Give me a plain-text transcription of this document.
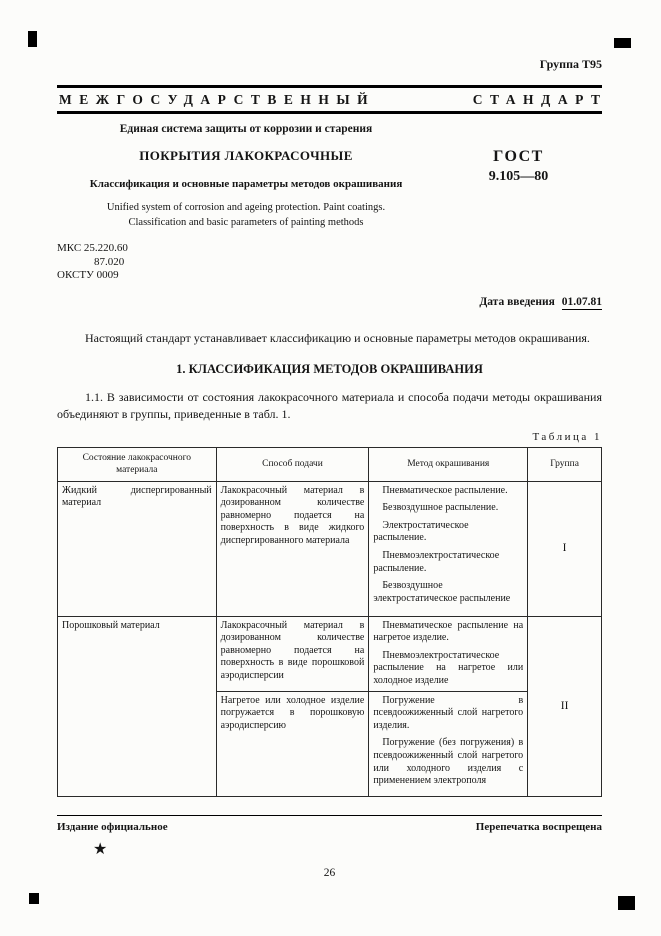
Группа Т95
МЕЖГОСУДАРСТВЕННЫЙ	СТАНДАРТ
Единая система защиты от коррозии и старения
ПОКРЫТИЯ ЛАКОКРАСОЧНЫЕ
Классификация и основные параметры методов окрашивания
Unified system of corrosion and ageing protection. Paint coatings.
Classification and basic parameters of painting methods
ГОСТ
9.105—80
МКС 25.220.60
87.020
ОКСТУ 0009
Дата введения 01.07.81

Настоящий стандарт устанавливает классификацию и основные параметры методов окрашивания.

1. КЛАССИФИКАЦИЯ МЕТОДОВ ОКРАШИВАНИЯ

1.1. В зависимости от состояния лакокрасочного материала и способа подачи методы окрашивания объединяют в группы, приведенные в табл. 1.

Таблица 1
Состояние лакокрасочного материала	Способ подачи	Метод окрашивания	Группа

Жидкий диспергированный материал	Лакокрасочный материал в дозированном количестве равномерно подается на поверхность в виде жидкого диспергированного материала	Пневматическое распыление.

Безвоздушное распыление.

Электростатическое распыление.

Пневмоэлектростатическое распыление.

Безвоздушное электростатическое распыление	I

Порошковый материал	Лакокрасочный материал в дозированном количестве равномерно подается на поверхность в виде порошковой аэродисперсии	Пневматическое распыление на нагретое изделие.

Пневмоэлектростатическое распыление на нагретое или холодное изделие	II

	Нагретое или холодное изделие погружается в порошковую аэродисперсию	Погружение в псевдоожиженный слой нагретого изделия.

Погружение (без погружения) в псевдоожиженный слой нагретого или холодного изделия с применением электрополя	

Издание официальное	Перепечатка воспрещена
★
26
